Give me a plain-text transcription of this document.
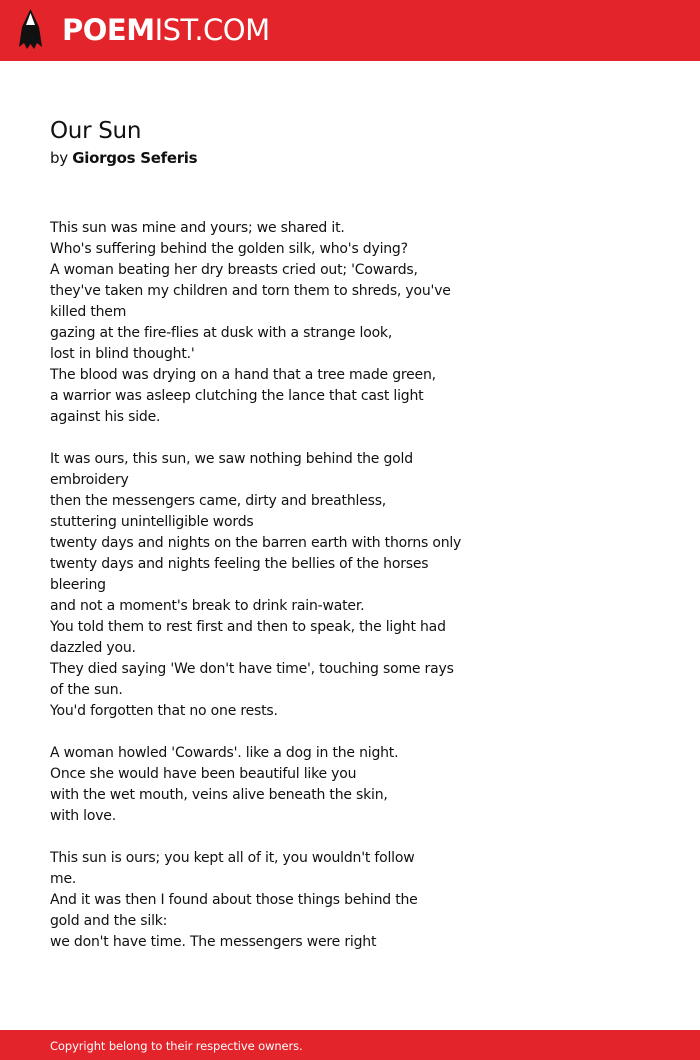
POEMIST.COM
Our Sun
by Giorgos Seferis
This sun was mine and yours; we shared it.
Who's suffering behind the golden silk, who's dying?
A woman beating her dry breasts cried out; 'Cowards,
they've taken my children and torn them to shreds, you've
killed them
gazing at the fire-flies at dusk with a strange look,
lost in blind thought.'
The blood was drying on a hand that a tree made green,
a warrior was asleep clutching the lance that cast light
against his side.
It was ours, this sun, we saw nothing behind the gold
embroidery
then the messengers came, dirty and breathless,
stuttering unintelligible words
twenty days and nights on the barren earth with thorns only
twenty days and nights feeling the bellies of the horses
bleering
and not a moment's break to drink rain-water.
You told them to rest first and then to speak, the light had
dazzled you.
They died saying 'We don't have time', touching some rays
of the sun.
You'd forgotten that no one rests.
A woman howled 'Cowards'. like a dog in the night.
Once she would have been beautiful like you
with the wet mouth, veins alive beneath the skin,
with love.
This sun is ours; you kept all of it, you wouldn't follow
me.
And it was then I found about those things behind the
gold and the silk:
we don't have time. The messengers were right
Copyright belong to their respective owners.
